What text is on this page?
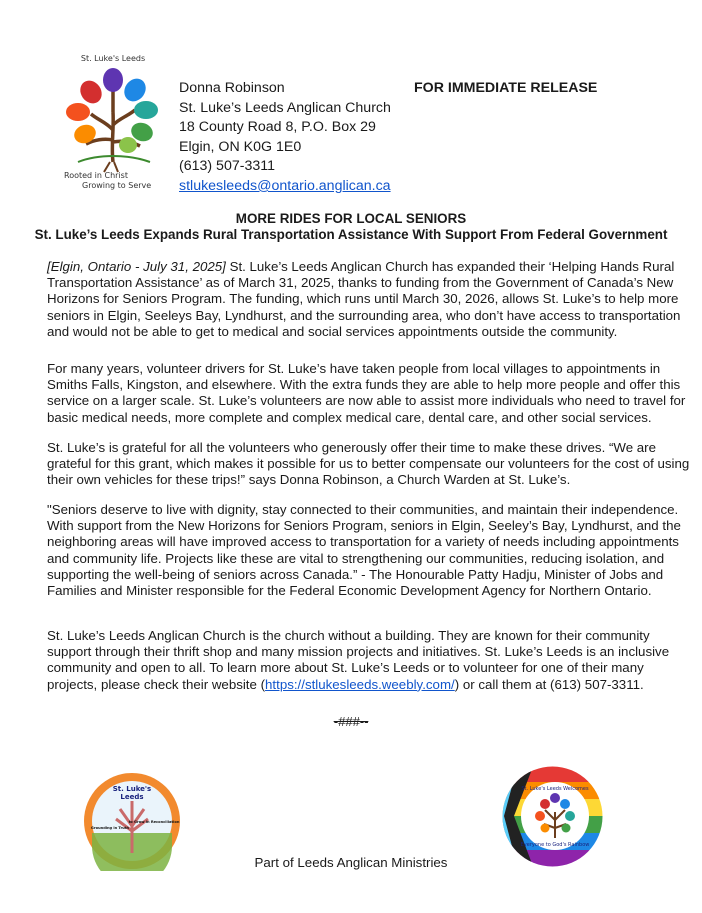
St. Luke's Leeds
Rooted in Christ
Growing to Serve
Donna Robinson
St. Luke’s Leeds Anglican Church
18 County Road 8, P.O. Box 29
Elgin, ON K0G 1E0
(613) 507-3311
stlukesleeds@ontario.anglican.ca
FOR IMMEDIATE RELEASE
MORE RIDES FOR LOCAL SENIORS
St. Luke’s Leeds Expands Rural Transportation Assistance With Support From Federal Government
[Elgin, Ontario - July 31, 2025] St. Luke’s Leeds Anglican Church has expanded their ‘Helping Hands Rural
Transportation Assistance’ as of March 31, 2025, thanks to funding from the Government of Canada’s New
Horizons for Seniors Program. The funding, which runs until March 30, 2026, allows St. Luke’s to help more
seniors in Elgin, Seeleys Bay, Lyndhurst, and the surrounding area, who don’t have access to transportation
and would not be able to get to medical and social services appointments outside the community.
For many years, volunteer drivers for St. Luke’s have taken people from local villages to appointments in
Smiths Falls, Kingston, and elsewhere. With the extra funds they are able to help more people and offer this
service on a larger scale. St. Luke’s volunteers are now able to assist more individuals who need to travel for
basic medical needs, more complete and complex medical care, dental care, and other social services.
St. Luke’s is grateful for all the volunteers who generously offer their time to make these drives. “We are
grateful for this grant, which makes it possible for us to better compensate our volunteers for the cost of using
their own vehicles for these trips!” says Donna Robinson, a Church Warden at St. Luke’s.
"Seniors deserve to live with dignity, stay connected to their communities, and maintain their independence.
With support from the New Horizons for Seniors Program, seniors in Elgin, Seeley’s Bay, Lyndhurst, and the
neighboring areas will have improved access to transportation for a variety of needs including appointments
and community life. Projects like these are vital to strengthening our communities, reducing isolation, and
supporting the well-being of seniors across Canada.” - The Honourable Patty Hadju, Minister of Jobs and
Families and Minister responsible for the Federal Economic Development Agency for Northern Ontario.
St. Luke’s Leeds Anglican Church is the church without a building. They are known for their community
support through their thrift shop and many mission projects and initiatives. St. Luke’s Leeds is an inclusive
community and open to all. To learn more about St. Luke’s Leeds or to volunteer for one of their many
projects, please check their website (https://stlukesleeds.weebly.com/) or call them at (613) 507-3311.
-###--
St. Luke's
Leeds
Grounding in Truth
to Grow in Reconciliation
St. Luke's Leeds Welcomes
Everyone to God's Rainbow
Part of Leeds Anglican Ministries
